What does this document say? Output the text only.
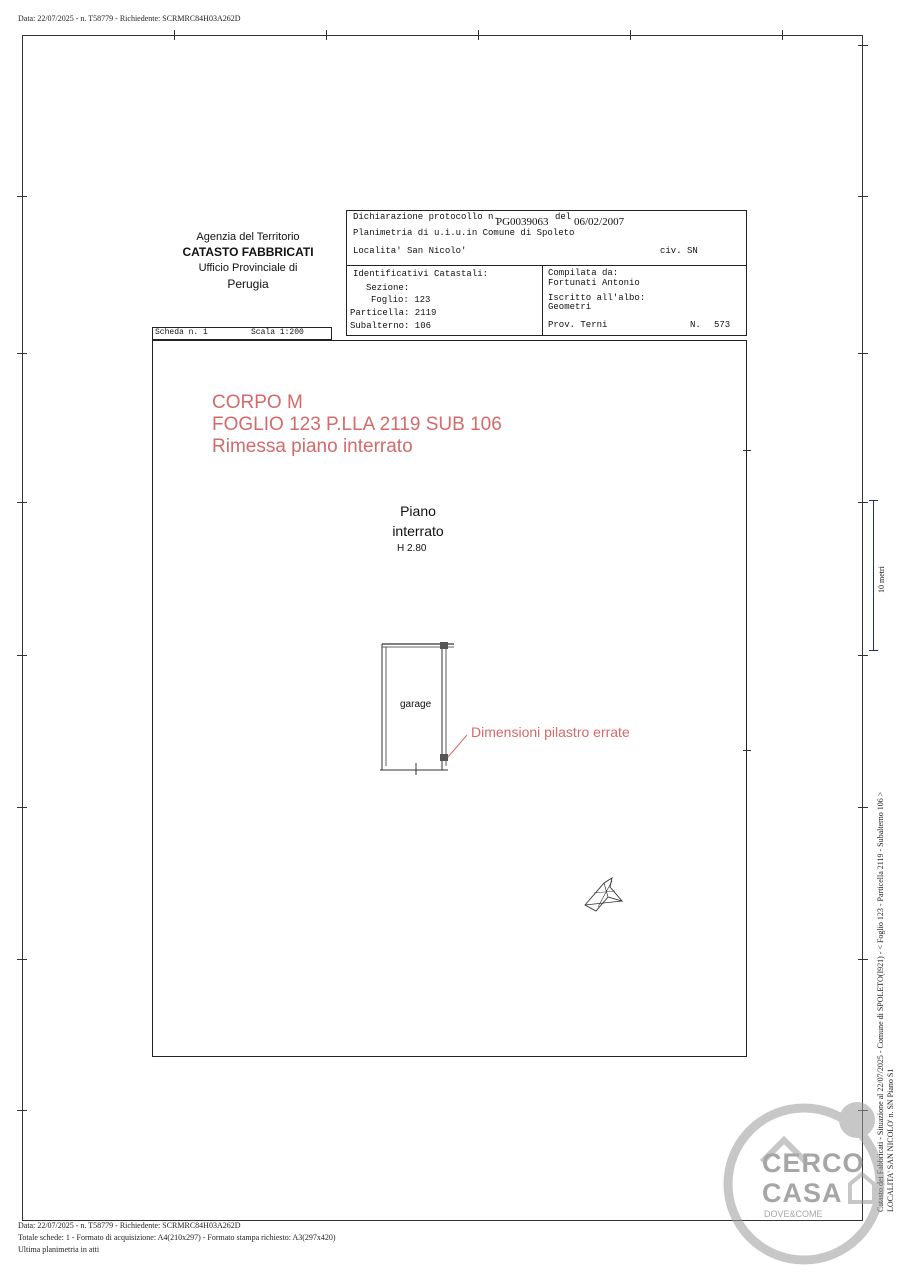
Data: 22/07/2025 - n. T58779 - Richiedente: SCRMRC84H03A262D
10 metri
Agenzia del Territorio
CATASTO FABBRICATI
Ufficio Provinciale di
Perugia
Dichiarazione protocollo n.
PG0039063 del 06/02/2007
Planimetria di u.i.u.in Comune di Spoleto
Localita' San Nicolo'	civ. SN
Identificativi Catastali:
Sezione:
Foglio: 123
Particella: 2119
Subalterno: 106
Compilata da:
Fortunati Antonio
Iscritto all'albo:
Geometri
Prov. Terni	N. 573
Scheda n. 1	Scala 1:200
CORPO M
FOGLIO 123 P.LLA 2119 SUB 106
Rimessa piano interrato
Piano
interrato
H 2.80
garage
Dimensioni pilastro errate
Catasto dei Fabbricati - Situazione al 22/07/2025 - Comune di SPOLETO(I921) - < Foglio 123 - Particella 2119 - Subalterno 106 > LOCALITA' SAN NICOLO' n. SN Piano S1
Data: 22/07/2025 - n. T58779 - Richiedente: SCRMRC84H03A262D
Totale schede: 1 - Formato di acquisizione: A4(210x297) - Formato stampa richiesto: A3(297x420)
Ultima planimetria in atti
CERCO
CASA
DOVE&COME
